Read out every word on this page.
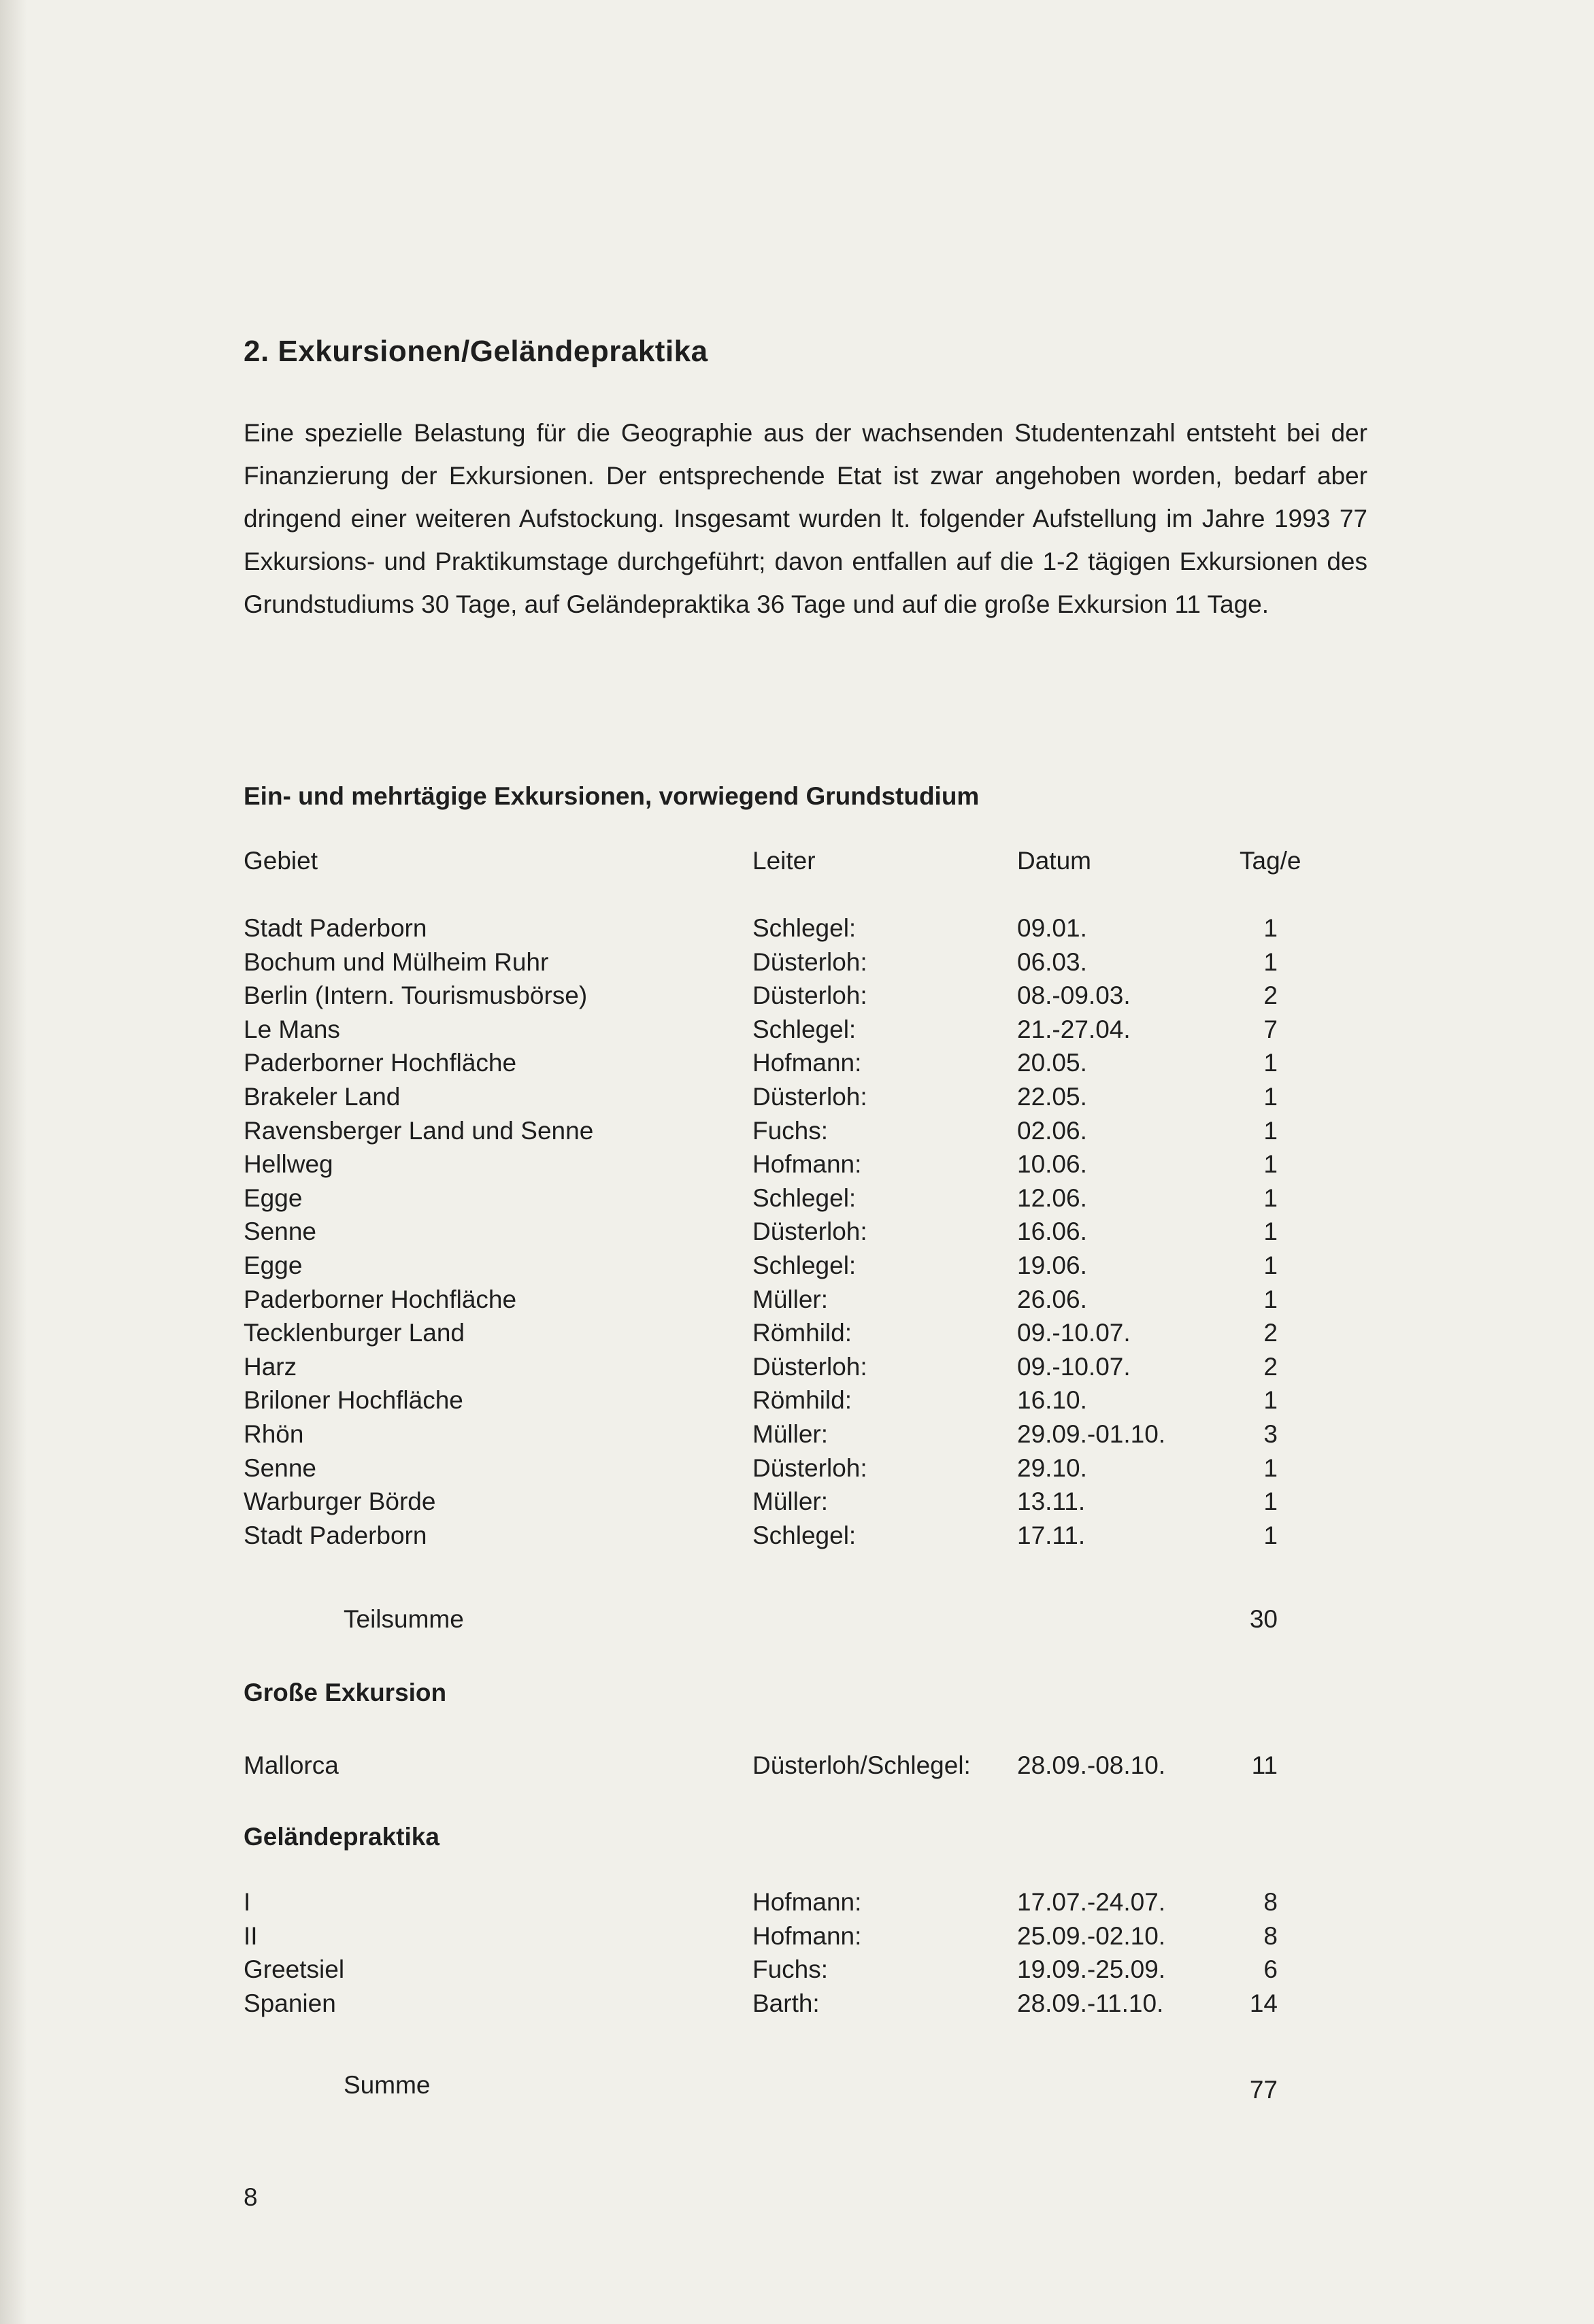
2. Exkursionen/Geländepraktika

Eine spezielle Belastung für die Geographie aus der wachsenden Studentenzahl entsteht bei der Finanzierung der Exkursionen. Der entsprechende Etat ist zwar angehoben worden, bedarf aber dringend einer weiteren Aufstockung. Insgesamt wurden lt. folgender Aufstellung im Jahre 1993 77 Exkursions- und Praktikumstage durchgeführt; davon entfallen auf die 1-2 tägigen Exkursionen des Grundstudiums 30 Tage, auf Geländepraktika 36 Tage und auf die große Exkursion 11 Tage.

Ein- und mehrtägige Exkursionen, vorwiegend Grundstudium
Gebiet	Leiter	Datum	Tag/e
Stadt Paderborn	Schlegel:	09.01.	1
Bochum und Mülheim Ruhr	Düsterloh:	06.03.	1
Berlin (Intern. Tourismusbörse)	Düsterloh:	08.-09.03.	2
Le Mans	Schlegel:	21.-27.04.	7
Paderborner Hochfläche	Hofmann:	20.05.	1
Brakeler Land	Düsterloh:	22.05.	1
Ravensberger Land und Senne	Fuchs:	02.06.	1
Hellweg	Hofmann:	10.06.	1
Egge	Schlegel:	12.06.	1
Senne	Düsterloh:	16.06.	1
Egge	Schlegel:	19.06.	1
Paderborner Hochfläche	Müller:	26.06.	1
Tecklenburger Land	Römhild:	09.-10.07.	2
Harz	Düsterloh:	09.-10.07.	2
Briloner Hochfläche	Römhild:	16.10.	1
Rhön	Müller:	29.09.-01.10.	3
Senne	Düsterloh:	29.10.	1
Warburger Börde	Müller:	13.11.	1
Stadt Paderborn	Schlegel:	17.11.	1
Teilsumme	30
Große Exkursion
Mallorca	Düsterloh/Schlegel: 28.09.-08.10.	11
Geländepraktika
I	Hofmann:	17.07.-24.07.	8
II	Hofmann:	25.09.-02.10.	8
Greetsiel	Fuchs:	19.09.-25.09.	6
Spanien	Barth:	28.09.-11.10.	14
Summe	77
8
